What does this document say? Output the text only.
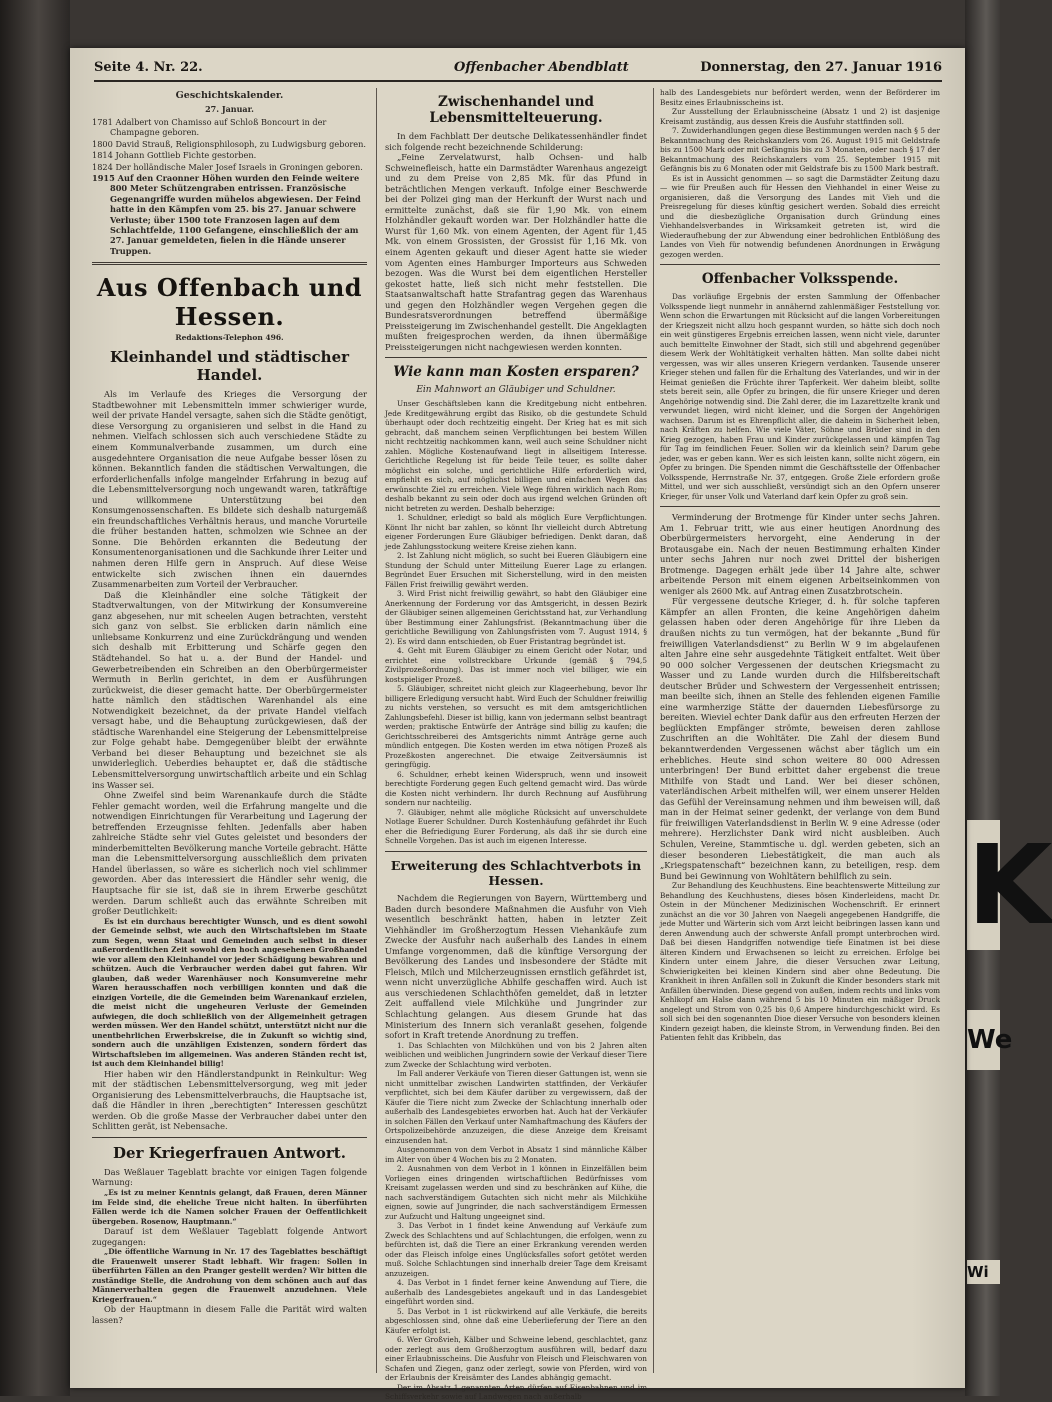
K
We
Wi
Seite 4. Nr. 22.	Offenbacher Abendblatt	Donnerstag, den 27. Januar 1916
Geschichtskalender.
27. Januar.

1781 Adalbert von Chamisso auf Schloß Boncourt in der Champagne geboren.

1800 David Strauß, Religionsphilosoph, zu Ludwigsburg geboren.

1814 Johann Gottlieb Fichte gestorben.

1824 Der holländische Maler Josef Israels in Groningen geboren.

1915 Auf den Craonner Höhen wurden den Feinde weitere 800 Meter Schützengraben entrissen. Französische Gegenangriffe wurden mühelos abgewiesen. Der Feind hatte in den Kämpfen vom 25. bis 27. Januar schwere Verluste; über 1500 tote Franzosen lagen auf dem Schlachtfelde, 1100 Gefangene, einschließlich der am 27. Januar gemeldeten, fielen in die Hände unserer Truppen.

Aus Offenbach und Hessen.
Redaktions-Telephon 496.
Kleinhandel und städtischer Handel.

Als im Verlaufe des Krieges die Versorgung der Stadtbewohner mit Lebensmitteln immer schwieriger wurde, weil der private Handel versagte, sahen sich die Städte genötigt, diese Versorgung zu organisieren und selbst in die Hand zu nehmen. Vielfach schlossen sich auch verschiedene Städte zu einem Kommunalverbande zusammen, um durch eine ausgedehntere Organisation die neue Aufgabe besser lösen zu können. Bekanntlich fanden die städtischen Verwaltungen, die erforderlichenfalls infolge mangelnder Erfahrung in bezug auf die Lebensmittelversorgung noch ungewandt waren, tatkräftige und willkommene Unterstützung bei den Konsumgenossenschaften. Es bildete sich deshalb naturgemäß ein freundschaftliches Verhältnis heraus, und manche Vorurteile die früher bestanden hatten, schmolzen wie Schnee an der Sonne. Die Behörden erkannten die Bedeutung der Konsumentenorganisationen und die Sachkunde ihrer Leiter und nahmen deren Hilfe gern in Anspruch. Auf diese Weise entwickelte sich zwischen ihnen ein dauerndes Zusammenarbeiten zum Vorteil der Verbraucher.

Daß die Kleinhändler eine solche Tätigkeit der Stadtverwaltungen, von der Mitwirkung der Konsumvereine ganz abgesehen, nur mit scheelen Augen betrachten, versteht sich ganz von selbst. Sie erblicken darin nämlich eine unliebsame Konkurrenz und eine Zurückdrängung und wenden sich deshalb mit Erbitterung und Schärfe gegen den Städtehandel. So hat u. a. der Bund der Handel- und Gewerbetreibenden ein Schreiben an den Oberbürgermeister Wermuth in Berlin gerichtet, in dem er Ausführungen zurückweist, die dieser gemacht hatte. Der Oberbürgermeister hatte nämlich den städtischen Warenhandel als eine Notwendigkeit bezeichnet, da der private Handel vielfach versagt habe, und die Behauptung zurückgewiesen, daß der städtische Warenhandel eine Steigerung der Lebensmittelpreise zur Folge gehabt habe. Demgegenüber bleibt der erwähnte Verband bei dieser Behauptung und bezeichnet sie als unwiderleglich. Ueberdies behauptet er, daß die städtische Lebensmittelversorgung unwirtschaftlich arbeite und ein Schlag ins Wasser sei.

Ohne Zweifel sind beim Warenankaufe durch die Städte Fehler gemacht worden, weil die Erfahrung mangelte und die notwendigen Einrichtungen für Verarbeitung und Lagerung der betreffenden Erzeugnisse fehlten. Jedenfalls aber haben zahlreiche Städte sehr viel Gutes geleistet und besonders der minderbemittelten Bevölkerung manche Vorteile gebracht. Hätte man die Lebensmittelversorgung ausschließlich dem privaten Handel überlassen, so wäre es sicherlich noch viel schlimmer geworden. Aber das interessiert die Händler sehr wenig, die Hauptsache für sie ist, daß sie in ihrem Erwerbe geschützt werden. Darum schließt auch das erwähnte Schreiben mit großer Deutlichkeit:

Es ist ein durchaus berechtigter Wunsch, und es dient sowohl der Gemeinde selbst, wie auch den Wirtschaftsleben im Staate zum Segen, wenn Staat und Gemeinden auch selbst in dieser außerordentlichen Zeit sowohl den hoch angesehenen Großhandel wie vor allem den Kleinhandel vor jeder Schädigung bewahren und schützen. Auch die Verbraucher werden dabei gut fahren. Wir glauben, daß weder Warenhäuser noch Konsumvereine mehr Waren herausschaffen noch verbilligen konnten und daß die einzigen Vorteile, die die Gemeinden beim Warenankauf erzielen, die meist nicht die ungeheuren Verluste der Gemeinden aufwiegen, die doch schließlich von der Allgemeinheit getragen werden müssen. Wer den Handel schützt, unterstützt nicht nur die unentbehrlichen Erwerbskreise, die in Zukunft so wichtig sind, sondern auch die unzähligen Existenzen, sondern fördert das Wirtschaftsleben im allgemeinen. Was anderen Ständen recht ist, ist auch dem Kleinhandel billig!

Hier haben wir den Händlerstandpunkt in Reinkultur: Weg mit der städtischen Lebensmittelversorgung, weg mit jeder Organisierung des Lebensmittelverbrauchs, die Hauptsache ist, daß die Händler in ihren „berechtigten“ Interessen geschützt werden. Ob die große Masse der Verbraucher dabei unter den Schlitten gerät, ist Nebensache.

Der Kriegerfrauen Antwort.

Das Weßlauer Tageblatt brachte vor einigen Tagen folgende Warnung:

„Es ist zu meiner Kenntnis gelangt, daß Frauen, deren Männer im Felde sind, die eheliche Treue nicht halten. In überführten Fällen werde ich die Namen solcher Frauen der Oeffentlichkeit übergeben. Rosenow, Hauptmann.“

Darauf ist dem Weßlauer Tageblatt folgende Antwort zugegangen:

„Die öffentliche Warnung in Nr. 17 des Tageblattes beschäftigt die Frauenwelt unserer Stadt lebhaft. Wir fragen: Sollen in überführten Fällen an den Pranger gestellt werden? Wir bitten die zuständige Stelle, die Androhung von dem schönen auch auf das Männerverhalten gegen die Frauenwelt anzudehnen. Viele Kriegerfrauen.“

Ob der Hauptmann in diesem Falle die Parität wird walten lassen?

Zwischenhandel und Lebensmittelteuerung.

In dem Fachblatt Der deutsche Delikatessenhändler findet sich folgende recht bezeichnende Schilderung:

„Feine Zervelatwurst, halb Ochsen- und halb Schweinefleisch, hatte ein Darmstädter Warenhaus angezeigt und zu dem Preise von 2,85 Mk. für das Pfund in beträchtlichen Mengen verkauft. Infolge einer Beschwerde bei der Polizei ging man der Herkunft der Wurst nach und ermittelte zunächst, daß sie für 1,90 Mk. von einem Holzhändler gekauft worden war. Der Holzhändler hatte die Wurst für 1,60 Mk. von einem Agenten, der Agent für 1,45 Mk. von einem Grossisten, der Grossist für 1,16 Mk. von einem Agenten gekauft und dieser Agent hatte sie wieder vom Agenten eines Hamburger Importeurs aus Schweden bezogen. Was die Wurst bei dem eigentlichen Hersteller gekostet hatte, ließ sich nicht mehr feststellen. Die Staatsanwaltschaft hatte Strafantrag gegen das Warenhaus und gegen den Holzhändler wegen Vergehen gegen die Bundesratsverordnungen betreffend übermäßige Preissteigerung im Zwischenhandel gestellt. Die Angeklagten mußten freigesprochen werden, da ihnen übermäßige Preissteigerungen nicht nachgewiesen werden konnten.

Wie kann man Kosten ersparen?
Ein Mahnwort an Gläubiger und Schuldner.

Unser Geschäftsleben kann die Kreditgebung nicht entbehren. Jede Kreditgewährung ergibt das Risiko, ob die gestundete Schuld überhaupt oder doch rechtzeitig eingeht. Der Krieg hat es mit sich gebracht, daß manchem seinen Verpflichtungen bei bestem Willen nicht rechtzeitig nachkommen kann, weil auch seine Schuldner nicht zahlen. Mögliche Kostenaufwand liegt in allseitigem Interesse. Gerichtliche Regelung ist für beide Teile teuer, es sollte daher möglichst ein solche, und gerichtliche Hilfe erforderlich wird, empfiehlt es sich, auf möglichst billigen und einfachen Wegen das erwünschte Ziel zu erreichen. Viele Wege führen wirklich nach Rom; deshalb bekannt zu sein oder doch aus irgend welchen Gründen oft nicht betreten zu werden. Deshalb beherzige:

1. Schuldner, erledigt so bald als möglich Eure Verpflichtungen. Könnt Ihr nicht bar zahlen, so könnt Ihr vielleicht durch Abtretung eigener Forderungen Eure Gläubiger befriedigen. Denkt daran, daß jede Zahlungsstockung weitere Kreise ziehen kann.

2. Ist Zahlung nicht möglich, so sucht bei Eueren Gläubigern eine Stundung der Schuld unter Mitteilung Euerer Lage zu erlangen. Begründet Euer Ersuchen mit Sicherstellung, wird in den meisten Fällen Frist freiwillig gewährt werden.

3. Wird Frist nicht freiwillig gewährt, so habt den Gläubiger eine Anerkennung der Forderung vor das Amtsgericht, in dessen Bezirk der Gläubiger seinen allgemeinen Gerichtsstand hat, zur Verhandlung über Bestimmung einer Zahlungsfrist. (Bekanntmachung über die gerichtliche Bewilligung von Zahlungsfristen vom 7. August 1914, § 2). Es wird dann entschieden, ob Euer Fristantrag begründet ist.

4. Geht mit Eurem Gläubiger zu einem Gericht oder Notar, und errichtet eine vollstreckbare Urkunde (gemäß § 794,5 Zivilprozeßordnung). Das ist immer noch viel billiger, wie ein kostspieliger Prozeß.

5. Gläubiger, schreitet nicht gleich zur Klageerhebung, bevor Ihr billigere Erledigung versucht habt. Wird Euch der Schuldner freiwillig zu nichts verstehen, so versucht es mit dem amtsgerichtlichen Zahlungsbefehl. Dieser ist billig, kann von jedermann selbst beantragt werden; praktische Entwürfe der Anträge sind billig zu kaufen; die Gerichtsschreiberei des Amtsgerichts nimmt Anträge gerne auch mündlich entgegen. Die Kosten werden im etwa nötigen Prozeß als Prozeßkosten angerechnet. Die etwaige Zeitversäumnis ist geringfügig.

6. Schuldner, erhebt keinen Widerspruch, wenn und insoweit berechtigte Forderung gegen Euch geltend gemacht wird. Das würde die Kosten nicht verhindern. Ihr durch Rechnung auf Ausführung sondern nur nachteilig.

7. Gläubiger, nehmt alle mögliche Rücksicht auf unverschuldete Notlage Euerer Schuldner. Durch Kostenhäufung gefährdet ihr Euch eher die Befriedigung Eurer Forderung, als daß ihr sie durch eine Schnelle Vorgehen. Das ist auch im eigenen Interesse.

Erweiterung des Schlachtverbots in Hessen.

Nachdem die Regierungen von Bayern, Württemberg und Baden durch besondere Maßnahmen die Ausfuhr von Vieh wesentlich beschränkt hatten, haben in letzter Zeit Viehhändler im Großherzogtum Hessen Viehankäufe zum Zwecke der Ausfuhr nach außerhalb des Landes in einem Umfange vorgenommen, daß die künftige Versorgung der Bevölkerung des Landes und insbesondere der Städte mit Fleisch, Milch und Milcherzeugnissen ernstlich gefährdet ist, wenn nicht unverzügliche Abhilfe geschaffen wird. Auch ist aus verschiedenen Schlachthöfen gemeldet, daß in letzter Zeit auffallend viele Milchkühe und Jungrinder zur Schlachtung gelangen. Aus diesem Grunde hat das Ministerium des Innern sich veranlaßt gesehen, folgende sofort in Kraft tretende Anordnung zu treffen.

1. Das Schlachten von Milchkühen und von bis 2 Jahren alten weiblichen und weiblichen Jungrindern sowie der Verkauf dieser Tiere zum Zwecke der Schlachtung wird verboten.

Im Fall anderer Verkäufe von Tieren dieser Gattungen ist, wenn sie nicht unmittelbar zwischen Landwirten stattfinden, der Verkäufer verpflichtet, sich bei dem Käufer darüber zu vergewissern, daß der Käufer die Tiere nicht zum Zwecke der Schlachtung innerhalb oder außerhalb des Landesgebietes erworben hat. Auch hat der Verkäufer in solchen Fällen den Verkauf unter Namhaftmachung des Käufers der Ortspolizeibehörde anzuzeigen, die diese Anzeige dem Kreisamt einzusenden hat.

Ausgenommen von dem Verbot in Absatz 1 sind männliche Kälber im Alter von über 4 Wochen bis zu 2 Monaten.

2. Ausnahmen von dem Verbot in 1 können in Einzelfällen beim Vorliegen eines dringenden wirtschaftlichen Bedürfnisses vom Kreisamt zugelassen werden und sind zu beschränken auf Kühe, die nach sachverständigem Gutachten sich nicht mehr als Milchkühe eignen, sowie auf Jungrinder, die nach sachverständigem Ermessen zur Aufzucht und Haltung ungeeignet sind.

3. Das Verbot in 1 findet keine Anwendung auf Verkäufe zum Zweck des Schlachtens und auf Schlachtungen, die erfolgen, wenn zu befürchten ist, daß die Tiere an einer Erkrankung verenden werden oder das Fleisch infolge eines Unglücksfalles sofort getötet werden muß. Solche Schlachtungen sind innerhalb dreier Tage dem Kreisamt anzuzeigen.

4. Das Verbot in 1 findet ferner keine Anwendung auf Tiere, die außerhalb des Landesgebietes angekauft und in das Landesgebiet eingeführt worden sind.

5. Das Verbot in 1 ist rückwirkend auf alle Verkäufe, die bereits abgeschlossen sind, ohne daß eine Ueberlieferung der Tiere an den Käufer erfolgt ist.

6. Wer Großvieh, Kälber und Schweine lebend, geschlachtet, ganz oder zerlegt aus dem Großherzogtum ausführen will, bedarf dazu einer Erlaubnisscheins. Die Ausfuhr von Fleisch und Fleischwaren von Schafen und Ziegen, ganz oder zerlegt, sowie von Pferden, wird von der Erlaubnis der Kreisämter des Landes abhängig gemacht.

Der im Absatz 1 genannten Arten dürfen auf Eisenbahnen und im Schiffsverkehr sowie auf Landwegen nach außerhalb

halb des Landesgebiets nur befördert werden, wenn der Beförderer im Besitz eines Erlaubnisscheins ist.

Zur Ausstellung der Erlaubnisscheine (Absatz 1 und 2) ist dasjenige Kreisamt zuständig, aus dessen Kreis die Ausfuhr stattfinden soll.

7. Zuwiderhandlungen gegen diese Bestimmungen werden nach § 5 der Bekanntmachung des Reichskanzlers vom 26. August 1915 mit Geldstrafe bis zu 1500 Mark oder mit Gefängnis bis zu 3 Monaten, oder nach § 17 der Bekanntmachung des Reichskanzlers vom 25. September 1915 mit Gefängnis bis zu 6 Monaten oder mit Geldstrafe bis zu 1500 Mark bestraft.

Es ist in Aussicht genommen — so sagt die Darmstädter Zeitung dazu — wie für Preußen auch für Hessen den Viehhandel in einer Weise zu organisieren, daß die Versorgung des Landes mit Vieh und die Preisregelung für dieses künftig gesichert werden. Sobald dies erreicht und die diesbezügliche Organisation durch Gründung eines Viehhandelsverbandes in Wirksamkeit getreten ist, wird die Wiederaufhebung der zur Abwendung einer bedrohlichen Entblößung des Landes von Vieh für notwendig befundenen Anordnungen in Erwägung gezogen werden.

Offenbacher Volksspende.

Das vorläufige Ergebnis der ersten Sammlung der Offenbacher Volksspende liegt nunmehr in annähernd zahlenmäßiger Feststellung vor. Wenn schon die Erwartungen mit Rücksicht auf die langen Vorbereitungen der Kriegszeit nicht allzu hoch gespannt wurden, so hätte sich doch noch ein weit günstigeres Ergebnis erreichen lassen, wenn nicht viele, darunter auch bemittelte Einwohner der Stadt, sich still und abgehrend gegenüber diesem Werk der Wohltätigkeit verhalten hätten. Man sollte dabei nicht vergessen, was wir alles unseren Kriegern verdanken. Tausende unserer Krieger stehen und fallen für die Erhaltung des Vaterlandes, und wir in der Heimat genießen die Früchte ihrer Tapferkeit. Wer daheim bleibt, sollte stets bereit sein, alle Opfer zu bringen, die für unsere Krieger und deren Angehörige notwendig sind. Die Zahl derer, die im Lazarettzelte krank und verwundet liegen, wird nicht kleiner, und die Sorgen der Angehörigen wachsen. Darum ist es Ehrenpflicht aller, die daheim in Sicherheit leben, nach Kräften zu helfen. Wie viele Väter, Söhne und Brüder sind in den Krieg gezogen, haben Frau und Kinder zurückgelassen und kämpfen Tag für Tag im feindlichen Feuer. Sollen wir da kleinlich sein? Darum gebe jeder, was er geben kann. Wer es sich leisten kann, sollte nicht zögern, ein Opfer zu bringen. Die Spenden nimmt die Geschäftsstelle der Offenbacher Volksspende, Herrnstraße Nr. 37, entgegen. Große Ziele erfordern große Mittel, und wer sich ausschließt, versündigt sich an den Opfern unserer Krieger, für unser Volk und Vaterland darf kein Opfer zu groß sein.

Verminderung der Brotmenge für Kinder unter sechs Jahren. Am 1. Februar tritt, wie aus einer heutigen Anordnung des Oberbürgermeisters hervorgeht, eine Aenderung in der Brotausgabe ein. Nach der neuen Bestimmung erhalten Kinder unter sechs Jahren nur noch zwei Drittel der bisherigen Brotmenge. Dagegen erhält jede über 14 Jahre alte, schwer arbeitende Person mit einem eigenen Arbeitseinkommen von weniger als 2600 Mk. auf Antrag einen Zusatzbrotschein.

Für vergessene deutsche Krieger, d. h. für solche tapferen Kämpfer an allen Fronten, die keine Angehörigen daheim gelassen haben oder deren Angehörige für ihre Lieben da draußen nichts zu tun vermögen, hat der bekannte „Bund für freiwilligen Vaterlandsdienst“ zu Berlin W 9 im abgelaufenen alten Jahre eine sehr ausgedehnte Tätigkeit entfaltet. Weit über 90 000 solcher Vergessenen der deutschen Kriegsmacht zu Wasser und zu Lande wurden durch die Hilfsbereitschaft deutscher Brüder und Schwestern der Vergessenheit entrissen; man beeilte sich, ihnen an Stelle des fehlenden eigenen Familie eine warmherzige Stätte der dauernden Liebesfürsorge zu bereiten. Wieviel echter Dank dafür aus den erfreuten Herzen der beglückten Empfänger strömte, beweisen deren zahllose Zuschriften an die Wohltäter. Die Zahl der diesem Bund bekanntwerdenden Vergessenen wächst aber täglich um ein erhebliches. Heute sind schon weitere 80 000 Adressen unterbringen! Der Bund erbittet daher ergebenst die treue Mithilfe von Stadt und Land. Wer bei dieser schönen, vaterländischen Arbeit mithelfen will, wer einem unserer Helden das Gefühl der Vereinsamung nehmen und ihm beweisen will, daß man in der Heimat seiner gedenkt, der verlange von dem Bund für freiwilligen Vaterlandsdienst in Berlin W. 9 eine Adresse (oder mehrere). Herzlichster Dank wird nicht ausbleiben. Auch Schulen, Vereine, Stammtische u. dgl. werden gebeten, sich an dieser besonderen Liebestätigkeit, die man auch als „Kriegspatenschaft“ bezeichnen kann, zu beteiligen, resp. dem Bund bei Gewinnung von Wohltätern behilflich zu sein.

Zur Behandlung des Keuchhustens. Eine beachtenswerte Mitteilung zur Behandlung des Keuchhustens, dieses bösen Kinderleidens, macht Dr. Ostein in der Münchener Medizinischen Wochenschrift. Er erinnert zunächst an die vor 30 Jahren von Naegeli angegebenen Handgriffe, die jede Mutter und Wärterin sich vom Arzt leicht beibringen lassen kann und deren Anwendung auch der schwerste Anfall prompt unterbrochen wird. Daß bei diesen Handgriffen notwendige tiefe Einatmen ist bei diese älteren Kindern und Erwachsenen so leicht zu erreichen. Erfolge bei Kindern unter einem Jahre, die dieser Versuchen zwar Leitung, Schwierigkeiten bei kleinen Kindern sind aber ohne Bedeutung. Die Krankheit in ihren Anfällen soll in Zukunft die Kinder besonders stark mit Anfällen überwinden. Diese gegend von außen, indem rechts und links vom Kehlkopf am Halse dann während 5 bis 10 Minuten ein mäßiger Druck angelegt und Strom von 0,25 bis 0,6 Ampere hindurchgeschickt wird. Es soll sich bei den sogenannten Dioe dieser Versuche von besonders kleinen Kindern gezeigt haben, die kleinste Strom, in Verwendung finden. Bei den Patienten fehlt das Kribbeln, das
